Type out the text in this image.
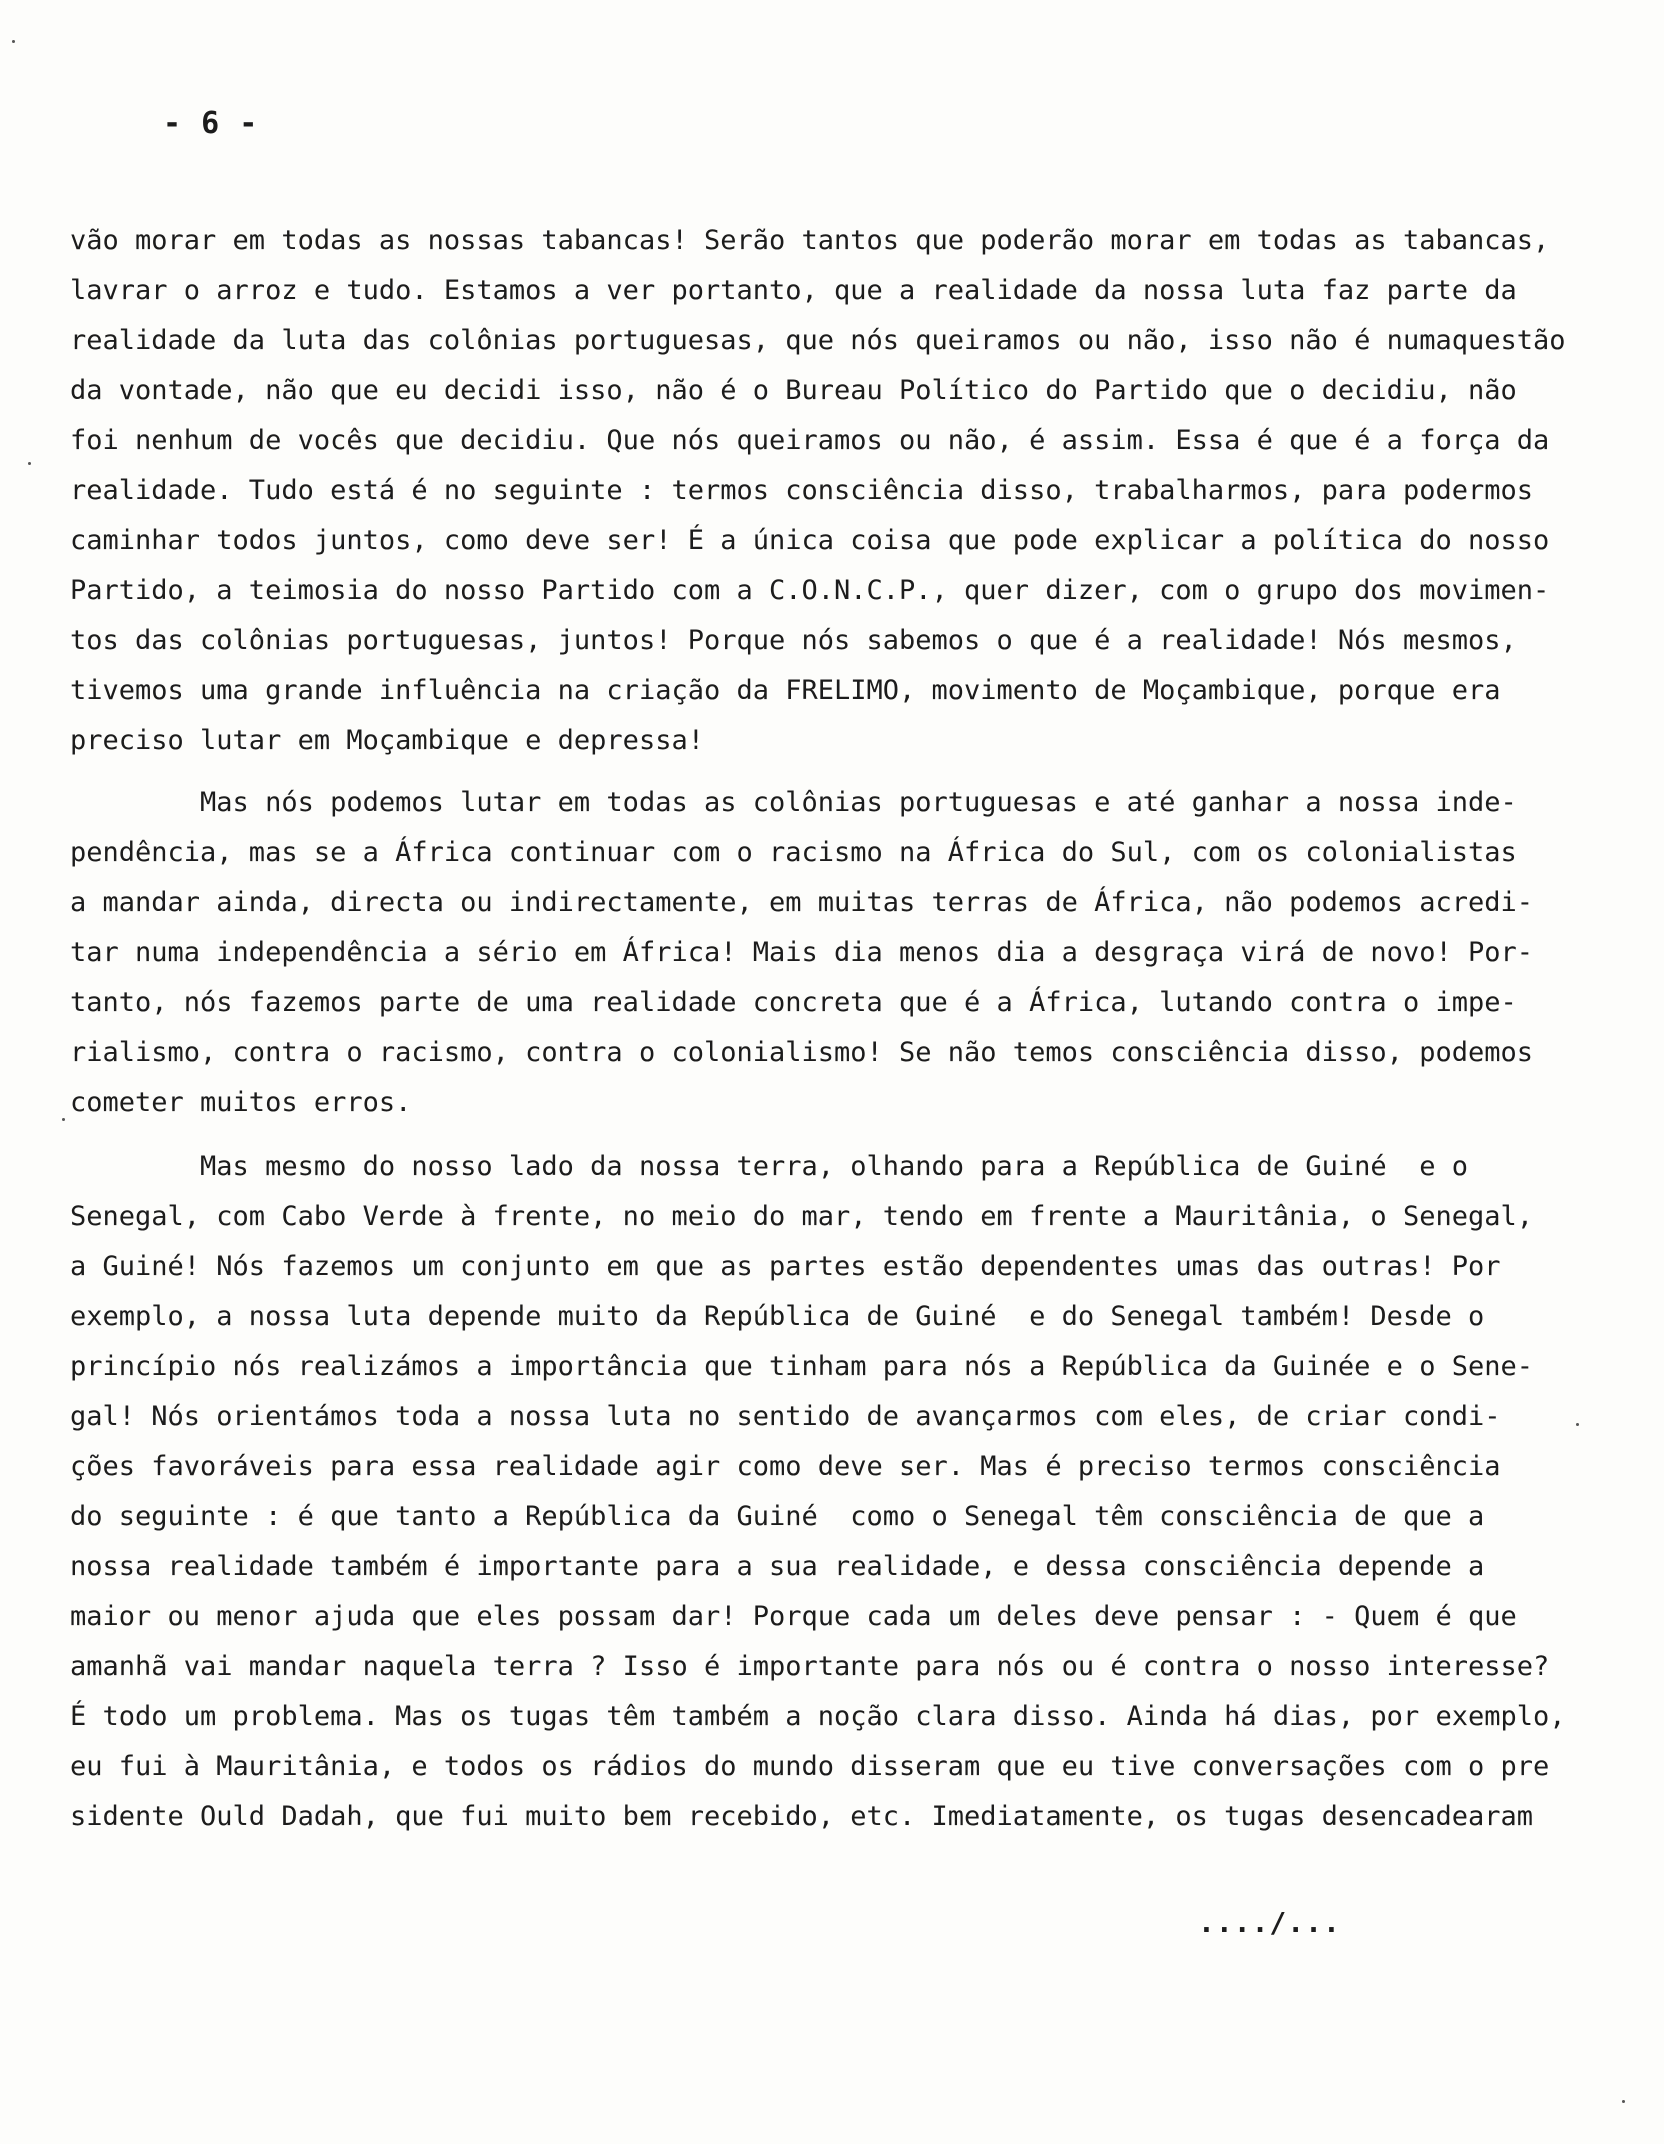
- 6 -
vão morar em todas as nossas tabancas! Serão tantos que poderão morar em todas as tabancas,
lavrar o arroz e tudo. Estamos a ver portanto, que a realidade da nossa luta faz parte da
realidade da luta das colônias portuguesas, que nós queiramos ou não, isso não é numaquestão
da vontade, não que eu decidi isso, não é o Bureau Político do Partido que o decidiu, não
foi nenhum de vocês que decidiu. Que nós queiramos ou não, é assim. Essa é que é a força da
realidade. Tudo está é no seguinte : termos consciência disso, trabalharmos, para podermos
caminhar todos juntos, como deve ser! É a única coisa que pode explicar a política do nosso
Partido, a teimosia do nosso Partido com a C.O.N.C.P., quer dizer, com o grupo dos movimen-
tos das colônias portuguesas, juntos! Porque nós sabemos o que é a realidade! Nós mesmos,
tivemos uma grande influência na criação da FRELIMO, movimento de Moçambique, porque era
preciso lutar em Moçambique e depressa!
Mas nós podemos lutar em todas as colônias portuguesas e até ganhar a nossa inde-
pendência, mas se a África continuar com o racismo na África do Sul, com os colonialistas
a mandar ainda, directa ou indirectamente, em muitas terras de África, não podemos acredi-
tar numa independência a sério em África! Mais dia menos dia a desgraça virá de novo! Por-
tanto, nós fazemos parte de uma realidade concreta que é a África, lutando contra o impe-
rialismo, contra o racismo, contra o colonialismo! Se não temos consciência disso, podemos
cometer muitos erros.
Mas mesmo do nosso lado da nossa terra, olhando para a República de Guiné  e o
Senegal, com Cabo Verde à frente, no meio do mar, tendo em frente a Mauritânia, o Senegal,
a Guiné! Nós fazemos um conjunto em que as partes estão dependentes umas das outras! Por
exemplo, a nossa luta depende muito da República de Guiné  e do Senegal também! Desde o
princípio nós realizámos a importância que tinham para nós a República da Guinée e o Sene-
gal! Nós orientámos toda a nossa luta no sentido de avançarmos com eles, de criar condi-
ções favoráveis para essa realidade agir como deve ser. Mas é preciso termos consciência
do seguinte : é que tanto a República da Guiné  como o Senegal têm consciência de que a
nossa realidade também é importante para a sua realidade, e dessa consciência depende a
maior ou menor ajuda que eles possam dar! Porque cada um deles deve pensar : - Quem é que
amanhã vai mandar naquela terra ? Isso é importante para nós ou é contra o nosso interesse?
É todo um problema. Mas os tugas têm também a noção clara disso. Ainda há dias, por exemplo,
eu fui à Mauritânia, e todos os rádios do mundo disseram que eu tive conversações com o pre
sidente Ould Dadah, que fui muito bem recebido, etc. Imediatamente, os tugas desencadearam
..../...
